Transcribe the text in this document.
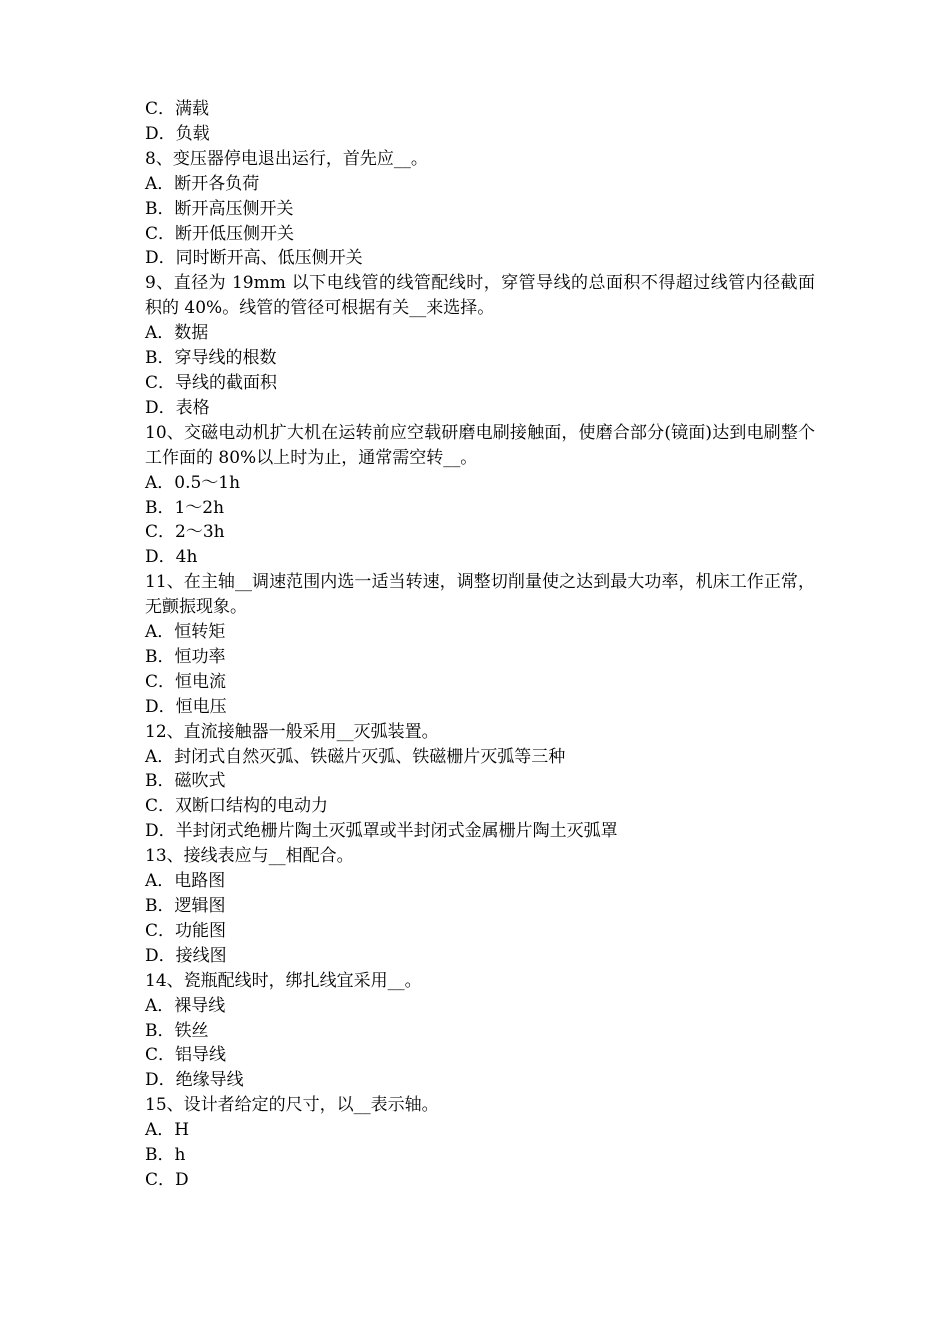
C．满载
D．负载
8、变压器停电退出运行，首先应__。
A．断开各负荷
B．断开高压侧开关
C．断开低压侧开关
D．同时断开高、低压侧开关
9、直径为 19mm 以下电线管的线管配线时，穿管导线的总面积不得超过线管内径截面积的 40%。线管的管径可根据有关__来选择。
A．数据
B．穿导线的根数
C．导线的截面积
D．表格
10、交磁电动机扩大机在运转前应空载研磨电刷接触面，使磨合部分(镜面)达到电刷整个工作面的 80%以上时为止，通常需空转__。
A．0.5～1h
B．1～2h
C．2～3h
D．4h
11、在主轴__调速范围内选一适当转速，调整切削量使之达到最大功率，机床工作正常，无颤振现象。
A．恒转矩
B．恒功率
C．恒电流
D．恒电压
12、直流接触器一般采用__灭弧装置。
A．封闭式自然灭弧、铁磁片灭弧、铁磁栅片灭弧等三种
B．磁吹式
C．双断口结构的电动力
D．半封闭式绝栅片陶土灭弧罩或半封闭式金属栅片陶土灭弧罩
13、接线表应与__相配合。
A．电路图
B．逻辑图
C．功能图
D．接线图
14、瓷瓶配线时，绑扎线宜采用__。
A．裸导线
B．铁丝
C．铝导线
D．绝缘导线
15、设计者给定的尺寸，以__表示轴。
A．H
B．h
C．D
